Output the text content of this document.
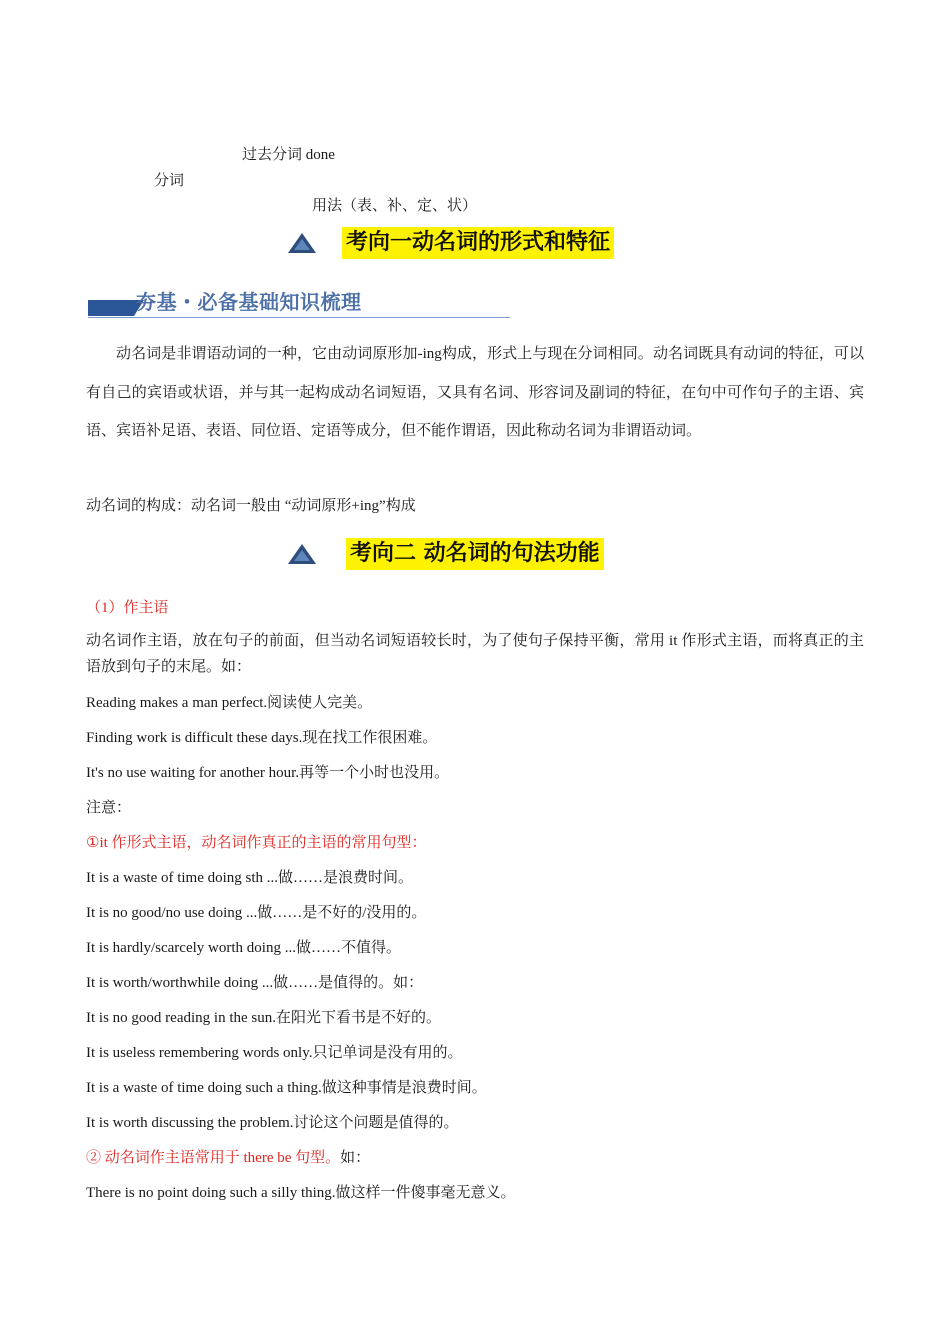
过去分词 done
分词
用法（表、补、定、状）
考向一动名词的形式和特征
夯基・必备基础知识梳理
动名词是非谓语动词的一种，它由动词原形加-ing构成，形式上与现在分词相同。动名词既具有动词的特征，可以有自己的宾语或状语，并与其一起构成动名词短语，又具有名词、形容词及副词的特征，在句中可作句子的主语、宾语、宾语补足语、表语、同位语、定语等成分，但不能作谓语，因此称动名词为非谓语动词。
动名词的构成：动名词一般由 “动词原形+ing”构成
考向二 动名词的句法功能
（1）作主语
动名词作主语，放在句子的前面，但当动名词短语较长时，为了使句子保持平衡，常用 it 作形式主语，而将真正的主语放到句子的末尾。如：
Reading makes a man perfect.阅读使人完美。
Finding work is difficult these days.现在找工作很困难。
It's no use waiting for another hour.再等一个小时也没用。
注意：
①it 作形式主语，动名词作真正的主语的常用句型：
It is a waste of time doing sth ...做……是浪费时间。
It is no good/no use doing ...做……是不好的/没用的。
It is hardly/scarcely worth doing ...做……不值得。
It is worth/worthwhile doing ...做……是值得的。如：
It is no good reading in the sun.在阳光下看书是不好的。
It is useless remembering words only.只记单词是没有用的。
It is a waste of time doing such a thing.做这种事情是浪费时间。
It is worth discussing the problem.讨论这个问题是值得的。
② 动名词作主语常用于 there be 句型。如：
There is no point doing such a silly thing.做这样一件傻事毫无意义。
